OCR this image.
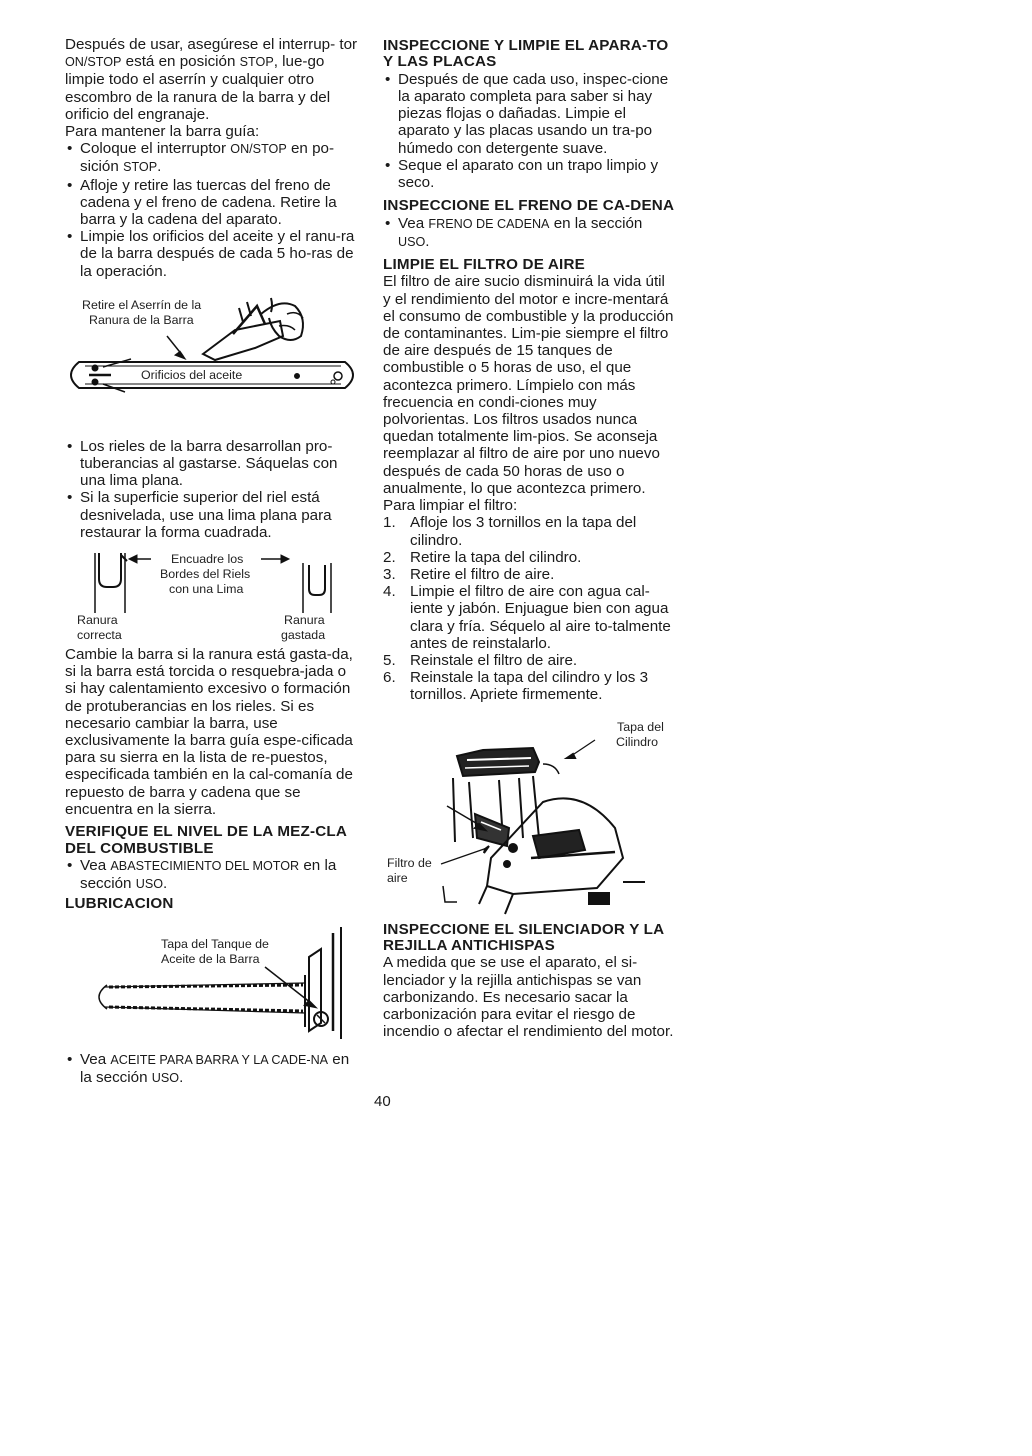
Después de usar, asegúrese el interrup- tor ON/STOP está en posición STOP, lue-go limpie todo el aserrín y cualquier otro escombro de la ranura de la barra y del orificio del engranaje.

Para mantener la barra guía:

• Coloque el interruptor ON/STOP en po-sición STOP.

• Afloje y retire las tuercas del freno de cadena y el freno de cadena. Retire la barra y la cadena del aparato.

• Limpie los orificios del aceite y el ranu-ra de la barra después de cada 5 ho-ras de la operación.

Retire el Aserrín de la
Ranura de la Barra
Orificios del aceite

• Los rieles de la barra desarrollan pro-tuberancias al gastarse. Sáquelas con una lima plana.

• Si la superficie superior del riel está desnivelada, use una lima plana para restaurar la forma cuadrada.

Encuadre los
Bordes del Riels
con una Lima
Ranura
correcta
Ranura
gastada

Cambie la barra si la ranura está gasta-da, si la barra está torcida o resquebra-jada o si hay calentamiento excesivo o formación de protuberancias en los rieles. Si es necesario cambiar la barra, use exclusivamente la barra guía espe-cificada para su sierra en la lista de re-puestos, especificada también en la cal-comanía de repuesto de barra y cadena que se encuentra en la sierra.

VERIFIQUE EL NIVEL DE LA MEZ-CLA DEL COMBUSTIBLE

• Vea ABASTECIMIENTO DEL MOTOR en la sección USO.

LUBRICACION
Tapa del Tanque de
Aceite de la Barra

• Vea ACEITE PARA BARRA Y LA CADE-NA en la sección USO.

INSPECCIONE Y LIMPIE EL APARA-TO Y LAS PLACAS

• Después de que cada uso, inspec-cione la aparato completa para saber si hay piezas flojas o dañadas. Limpie el aparato y las placas usando un tra-po húmedo con detergente suave.

• Seque el aparato con un trapo limpio y seco.

INSPECCIONE EL FRENO DE CA-DENA

• Vea FRENO DE CADENA en la sección USO.

LIMPIE EL FILTRO DE AIRE

El filtro de aire sucio disminuirá la vida útil y el rendimiento del motor e incre-mentará el consumo de combustible y la producción de contaminantes. Lim-pie siempre el filtro de aire después de 15 tanques de combustible o 5 horas de uso, el que acontezca primero. Límpielo con más frecuencia en condi-ciones muy polvorientas. Los filtros usados nunca quedan totalmente lim-pios. Se aconseja reemplazar al filtro de aire por uno nuevo después de cada 50 horas de uso o anualmente, lo que acontezca primero. Para limpiar el filtro:

1. Afloje los 3 tornillos en la tapa del cilindro.
2. Retire la tapa del cilindro.
3. Retire el filtro de aire.
4. Limpie el filtro de aire con agua cal-iente y jabón. Enjuague bien con agua clara y fría. Séquelo al aire to-talmente antes de reinstalarlo.
5. Reinstale el filtro de aire.
6. Reinstale la tapa del cilindro y los 3 tornillos. Apriete firmemente.
Tapa del
Cilindro
Filtro de
aire
INSPECCIONE EL SILENCIADOR Y LA REJILLA ANTICHISPAS

A medida que se use el aparato, el si-lenciador y la rejilla antichispas se van carbonizando. Es necesario sacar la carbonización para evitar el riesgo de incendio o afectar el rendimiento del motor.

40
